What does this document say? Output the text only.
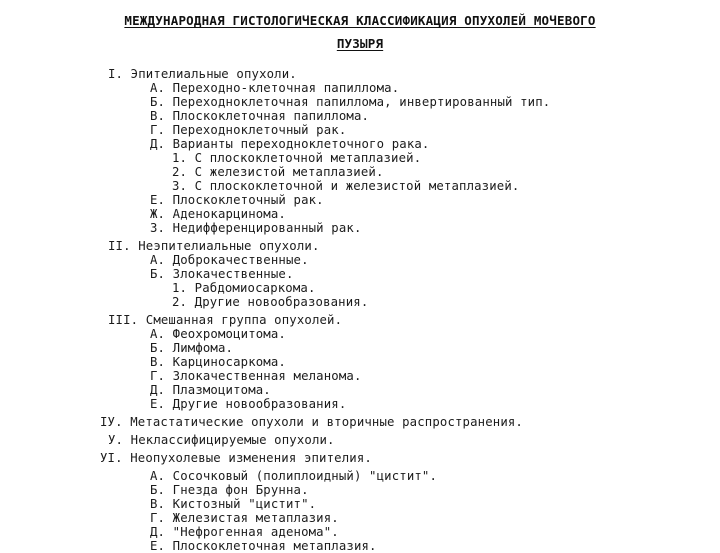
МЕЖДУНАРОДНАЯ ГИСТОЛОГИЧЕСКАЯ КЛАССИФИКАЦИЯ ОПУХОЛЕЙ МОЧЕВОГО
ПУЗЫРЯ
I. Эпителиальные опухоли.
А. Переходно-клеточная папиллома.
Б. Переходноклеточная папиллома, инвертированный тип.
В. Плоскоклеточная папиллома.
Г. Переходноклеточный рак.
Д. Варианты переходноклеточного рака.
1. С плоскоклеточной метаплазией.
2. С железистой метаплазией.
3. С плоскоклеточной и железистой метаплазией.
Е. Плоскоклеточный рак.
Ж. Аденокарцинома.
З. Недифференцированный рак.
II. Неэпителиальные опухоли.
А. Доброкачественные.
Б. Злокачественные.
1. Рабдомиосаркома.
2. Другие новообразования.
III. Смешанная группа опухолей.
А. Феохромоцитома.
Б. Лимфома.
В. Карциносаркома.
Г. Злокачественная меланома.
Д. Плазмоцитома.
Е. Другие новообразования.
IУ. Метастатические опухоли и вторичные распространения.
У. Неклассифицируемые опухоли.
УI. Неопухолевые изменения эпителия.
А. Сосочковый (полиплоидный) "цистит".
Б. Гнезда фон Брунна.
В. Кистозный "цистит".
Г. Железистая метаплазия.
Д. "Нефрогенная аденома".
Е. Плоскоклеточная метаплазия.
